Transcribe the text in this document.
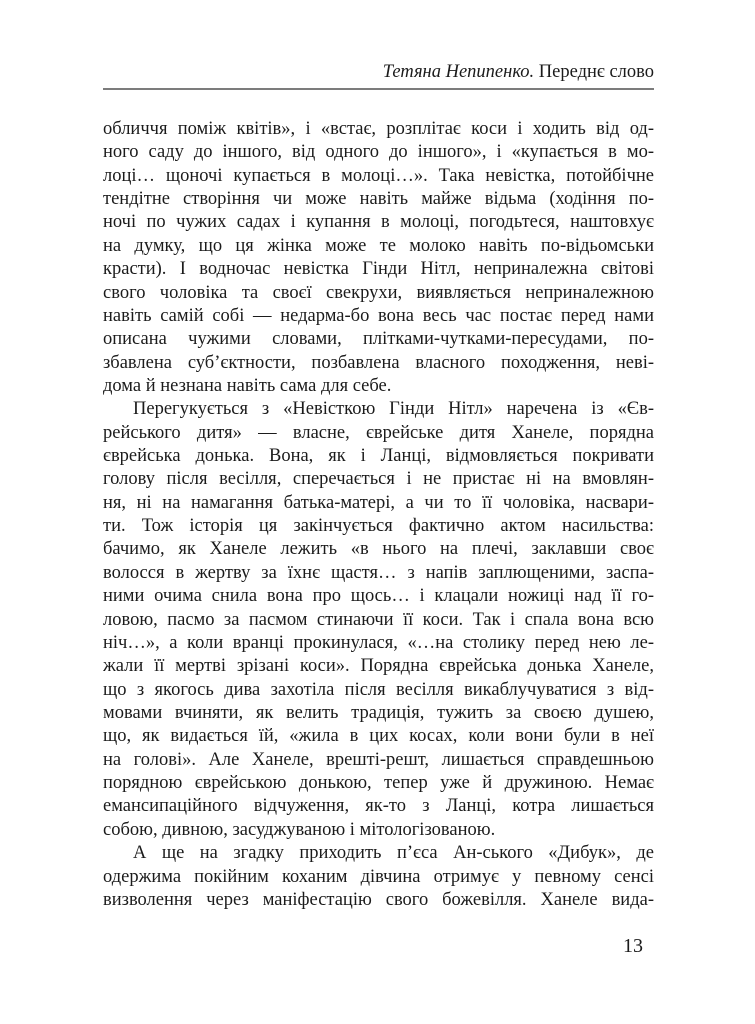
Тетяна Непипенко. Переднє слово
обличчя поміж квітів», і «встає, розплітає коси і ходить від од-
ного саду до іншого, від одного до іншого», і «купається в мо-
лоці… щоночі купається в молоці…». Така невістка, потойбічне
тендітне створіння чи може навіть майже відьма (ходіння по-
ночі по чужих садах і купання в молоці, погодьтеся, наштовхує
на думку, що ця жінка може те молоко навіть по-відьомськи
красти). І водночас невістка Гінди Нітл, неприналежна світові
свого чоловіка та своєї свекрухи, виявляється неприналежною
навіть самій собі — недарма-бо вона весь час постає перед нами
описана чужими словами, плітками-чутками-пересудами, по-
збавлена суб’єктности, позбавлена власного походження, неві-
дома й незнана навіть сама для себе.
Перегукується з «Невісткою Гінди Нітл» наречена із «Єв-
рейського дитя» — власне, єврейське дитя Ханеле, порядна
єврейська донька. Вона, як і Ланці, відмовляється покривати
голову після весілля, сперечається і не пристає ні на вмовлян-
ня, ні на намагання батька-матері, а чи то її чоловіка, насвари-
ти. Тож історія ця закінчується фактично актом насильства:
бачимо, як Ханеле лежить «в нього на плечі, заклавши своє
волосся в жертву за їхнє щастя… з напів заплющеними, заспа-
ними очима снила вона про щось… і клацали ножиці над її го-
ловою, пасмо за пасмом стинаючи її коси. Так і спала вона всю
ніч…», а коли вранці прокинулася, «…на столику перед нею ле-
жали її мертві зрізані коси». Порядна єврейська донька Ханеле,
що з якогось дива захотіла після весілля викаблучуватися з від-
мовами вчиняти, як велить традиція, тужить за своєю душею,
що, як видається їй, «жила в цих косах, коли вони були в неї
на голові». Але Ханеле, врешті-решт, лишається справдешньою
порядною єврейською донькою, тепер уже й дружиною. Немає
емансипаційного відчуження, як-то з Ланці, котра лишається
собою, дивною, засуджуваною і мітологізованою.
А ще на згадку приходить п’єса Ан-ського «Дибук», де
одержима покійним коханим дівчина отримує у певному сенсі
визволення через маніфестацію свого божевілля. Ханеле вида-
13
